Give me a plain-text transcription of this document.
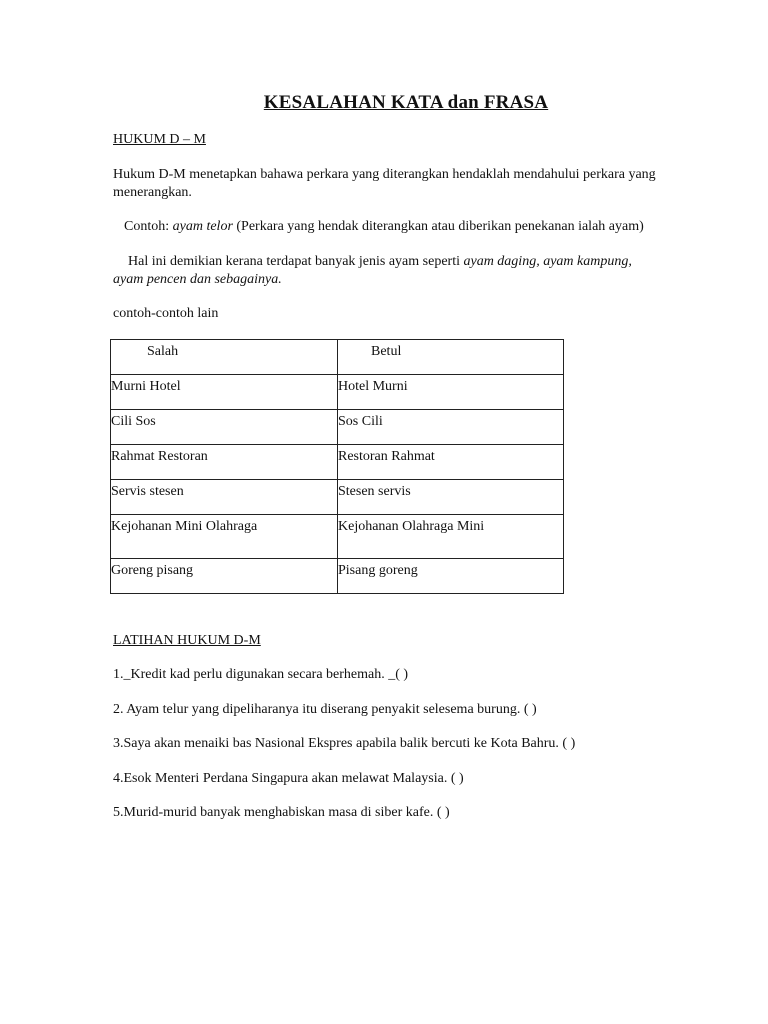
KESALAHAN KATA dan FRASA
HUKUM D – M
Hukum D-M menetapkan bahawa perkara yang diterangkan hendaklah mendahului perkara yang
menerangkan.
Contoh: ayam telor (Perkara yang hendak diterangkan atau diberikan penekanan ialah ayam)
Hal ini demikian kerana terdapat banyak jenis ayam seperti ayam daging, ayam kampung,
ayam pencen dan sebagainya.
contoh-contoh lain
Salah	Betul
Murni Hotel	Hotel Murni
Cili Sos	Sos Cili
Rahmat Restoran	Restoran Rahmat
Servis stesen	Stesen servis
Kejohanan Mini Olahraga	Kejohanan Olahraga Mini
Goreng pisang	Pisang goreng
LATIHAN HUKUM D-M
1._Kredit kad perlu digunakan secara berhemah. _( )
2. Ayam telur yang dipeliharanya itu diserang penyakit selesema burung. ( )
3.Saya akan menaiki bas Nasional Ekspres apabila balik bercuti ke Kota Bahru. ( )
4.Esok Menteri Perdana Singapura akan melawat Malaysia. ( )
5.Murid-murid banyak menghabiskan masa di siber kafe. ( )
